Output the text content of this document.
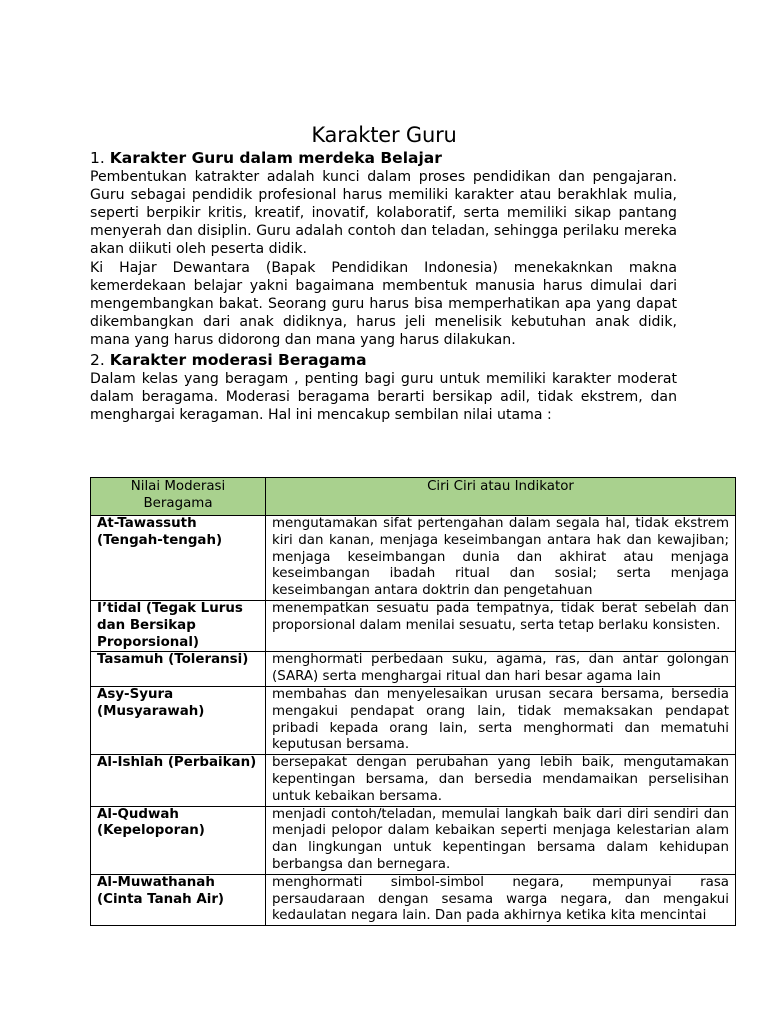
Karakter Guru
1. Karakter Guru dalam merdeka Belajar

Pembentukan katrakter adalah kunci dalam proses pendidikan dan pengajaran. Guru sebagai pendidik profesional harus memiliki karakter atau berakhlak mulia, seperti berpikir kritis, kreatif, inovatif, kolaboratif, serta memiliki sikap pantang menyerah dan disiplin. Guru adalah contoh dan teladan, sehingga perilaku mereka akan diikuti oleh peserta didik.

Ki Hajar Dewantara (Bapak Pendidikan Indonesia) menekakn​kan makna kemerdekaan belajar yakni bagaimana membentuk manusia harus dimulai dari mengembangkan bakat. Seorang guru harus bisa memperhatikan apa yang dapat dikembangkan dari anak didiknya, harus jeli menelisik kebutuhan anak didik, mana yang harus didorong dan mana yang harus dilakukan.

2. Karakter moderasi Beragama

Dalam kelas yang beragam , penting bagi guru untuk memiliki karakter moderat dalam beragama. Moderasi beragama berarti bersikap adil, tidak ekstrem, dan menghargai keragaman. Hal ini mencakup sembilan nilai utama :

Nilai Moderasi Beragama	Ciri Ciri atau Indikator
At-Tawassuth (Tengah-tengah)	mengutamakan sifat pertengahan dalam segala hal, tidak ekstrem kiri dan kanan, menjaga keseimbangan antara hak dan kewajiban; menjaga keseimbangan dunia dan akhirat atau menjaga keseimbangan ibadah ritual dan sosial; serta menjaga keseimbangan antara doktrin dan pengetahuan
I’tidal (Tegak Lurus dan Bersikap Proporsional)	menempatkan sesuatu pada tempatnya, tidak berat sebelah dan proporsional dalam menilai sesuatu, serta tetap berlaku konsisten.
Tasamuh (Toleransi)	menghormati perbedaan suku, agama, ras, dan antar golongan (SARA) serta menghargai ritual dan hari besar agama lain
Asy-Syura (Musyarawah)	membahas dan menyelesaikan urusan secara bersama, bersedia mengakui pendapat orang lain, tidak memaksakan pendapat pribadi kepada orang lain, serta menghormati dan mematuhi keputusan bersama.
Al-Ishlah (Perbaikan)	bersepakat dengan perubahan yang lebih baik, mengutamakan kepentingan bersama, dan bersedia mendamaikan perselisihan untuk kebaikan bersama.
Al-Qudwah (Kepeloporan)	menjadi contoh/teladan, memulai langkah baik dari diri sendiri dan menjadi pelopor dalam kebaikan seperti menjaga kelestarian alam dan lingkungan untuk kepentingan bersama dalam kehidupan berbangsa dan bernegara.
Al-Muwathanah (Cinta Tanah Air)	menghormati simbol-simbol negara, mempunyai rasa persaudaraan dengan sesama warga negara, dan mengakui kedaulatan negara lain. Dan pada akhirnya ketika kita mencintai
